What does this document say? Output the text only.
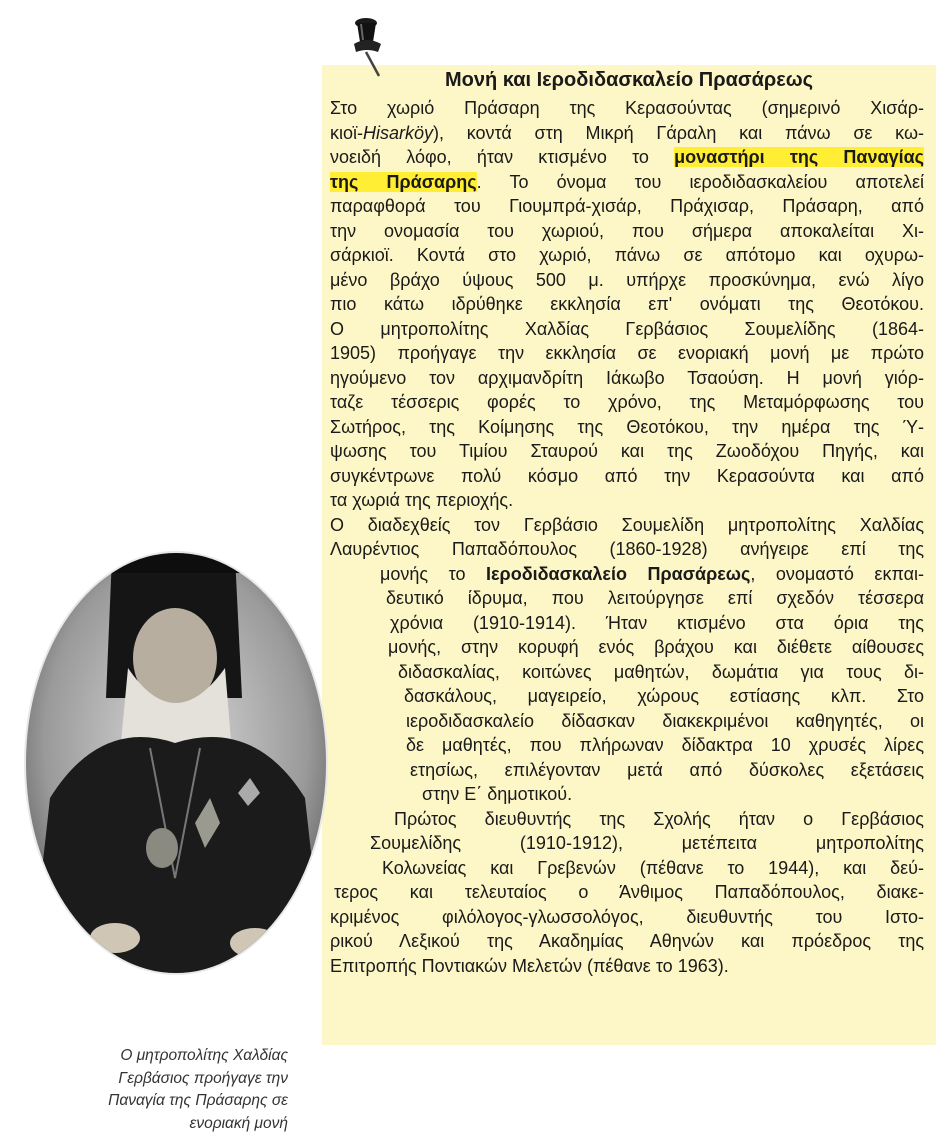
Μονή και Ιεροδιδασκαλείο Πρασάρεως
Στο χωριό Πράσαρη της Κερασούντας (σημερινό Χισάρ-
κιοϊ-Hisarköy), κοντά στη Μικρή Γάραλη και πάνω σε κω-
νοειδή λόφο, ήταν κτισμένο το μοναστήρι της Παναγίας
της Πράσαρης. Το όνομα του ιεροδιδασκαλείου αποτελεί
παραφθορά του Γιουμπρά-χισάρ, Πράχισαρ, Πράσαρη, από
την ονομασία του χωριού, που σήμερα αποκαλείται Χι-
σάρκιοϊ. Κοντά στο χωριό, πάνω σε απότομο και οχυρω-
μένο βράχο ύψους 500 μ. υπήρχε προσκύνημα, ενώ λίγο
πιο κάτω ιδρύθηκε εκκλησία επ' ονόματι της Θεοτόκου.
Ο μητροπολίτης Χαλδίας Γερβάσιος Σουμελίδης (1864-
1905) προήγαγε την εκκλησία σε ενοριακή μονή με πρώτο
ηγούμενο τον αρχιμανδρίτη Ιάκωβο Τσαούση. Η μονή γιόρ-
ταζε τέσσερις φορές το χρόνο, της Μεταμόρφωσης του
Σωτήρος, της Κοίμησης της Θεοτόκου, την ημέρα της Ύ-
ψωσης του Τιμίου Σταυρού και της Ζωοδόχου Πηγής, και
συγκέντρωνε πολύ κόσμο από την Κερασούντα και από
τα χωριά της περιοχής.
Ο διαδεχθείς τον Γερβάσιο Σουμελίδη μητροπολίτης Χαλδίας
Λαυρέντιος Παπαδόπουλος (1860-1928) ανήγειρε επί της
μονής το Ιεροδιδασκαλείο Πρασάρεως, ονομαστό εκπαι-
δευτικό ίδρυμα, που λειτούργησε επί σχεδόν τέσσερα
χρόνια (1910-1914). Ήταν κτισμένο στα όρια της
μονής, στην κορυφή ενός βράχου και διέθετε αίθουσες
διδασκαλίας, κοιτώνες μαθητών, δωμάτια για τους δι-
δασκάλους, μαγειρείο, χώρους εστίασης κλπ. Στο
ιεροδιδασκαλείο δίδασκαν διακεκριμένοι καθηγητές, οι
δε μαθητές, που πλήρωναν δίδακτρα 10 χρυσές λίρες
ετησίως, επιλέγονταν μετά από δύσκολες εξετάσεις
στην Ε΄ δημοτικού.
Πρώτος διευθυντής της Σχολής ήταν ο Γερβάσιος
Σουμελίδης (1910-1912), μετέπειτα μητροπολίτης
Κολωνείας και Γρεβενών (πέθανε το 1944), και δεύ-
τερος και τελευταίος ο Άνθιμος Παπαδόπουλος, διακε-
κριμένος φιλόλογος-γλωσσολόγος, διευθυντής του Ιστο-
ρικού Λεξικού της Ακαδημίας Αθηνών και πρόεδρος της
Επιτροπής Ποντιακών Μελετών (πέθανε το 1963).
Ο μητροπολίτης Χαλδίας
Γερβάσιος προήγαγε την
Παναγία της Πράσαρης σε
ενοριακή μονή
